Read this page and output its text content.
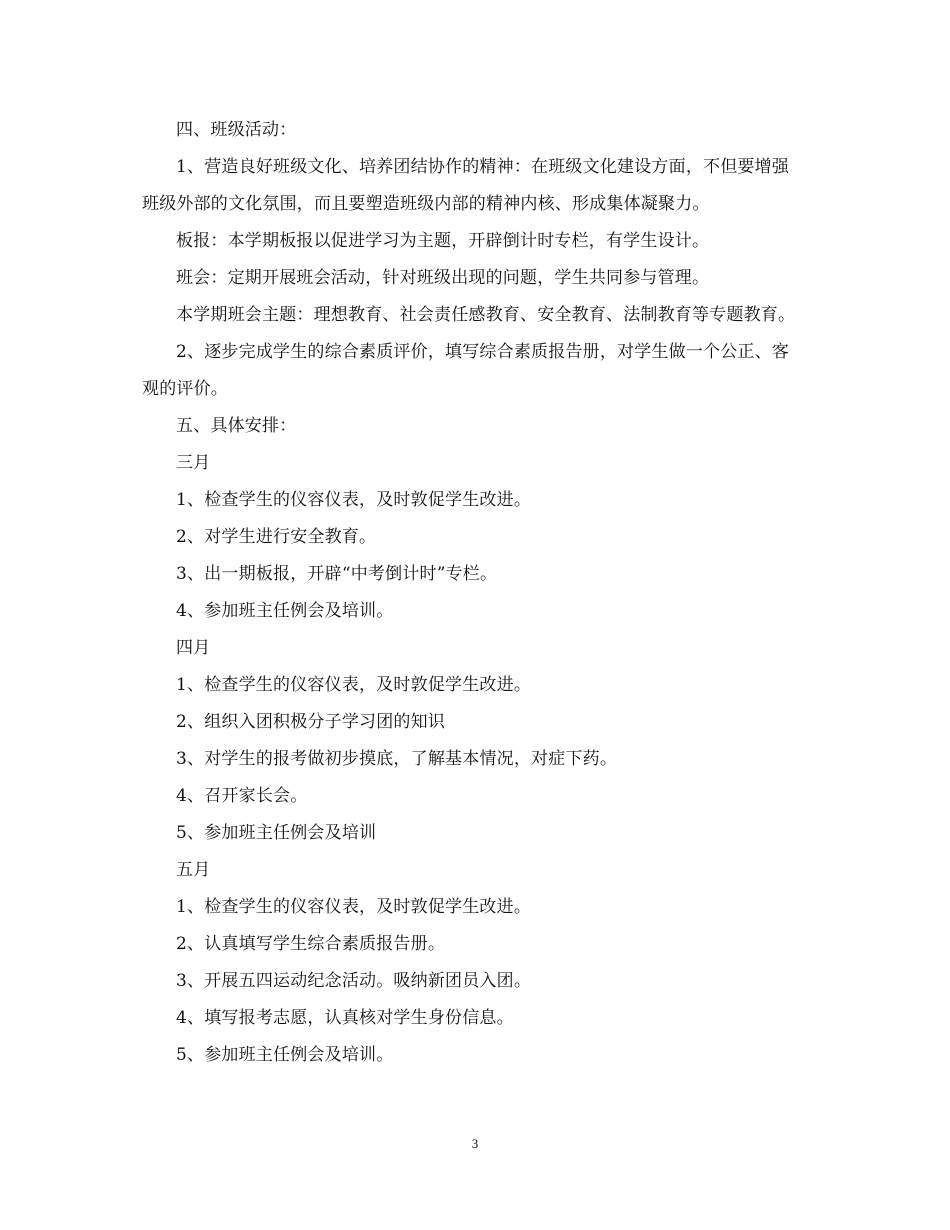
四、班级活动：

1、营造良好班级文化、培养团结协作的精神：在班级文化建设方面，不但要增强班级外部的文化氛围，而且要塑造班级内部的精神内核、形成集体凝聚力。

板报：本学期板报以促进学习为主题，开辟倒计时专栏，有学生设计。

班会：定期开展班会活动，针对班级出现的问题，学生共同参与管理。

本学期班会主题：理想教育、社会责任感教育、安全教育、法制教育等专题教育。

2、逐步完成学生的综合素质评价，填写综合素质报告册，对学生做一个公正、客观的评价。

五、具体安排：

三月

1、检查学生的仪容仪表，及时敦促学生改进。

2、对学生进行安全教育。

3、出一期板报，开辟“中考倒计时”专栏。

4、参加班主任例会及培训。

四月

1、检查学生的仪容仪表，及时敦促学生改进。

2、组织入团积极分子学习团的知识

3、对学生的报考做初步摸底，了解基本情况，对症下药。

4、召开家长会。

5、参加班主任例会及培训

五月

1、检查学生的仪容仪表，及时敦促学生改进。

2、认真填写学生综合素质报告册。

3、开展五四运动纪念活动。吸纳新团员入团。

4、填写报考志愿，认真核对学生身份信息。

5、参加班主任例会及培训。

3
